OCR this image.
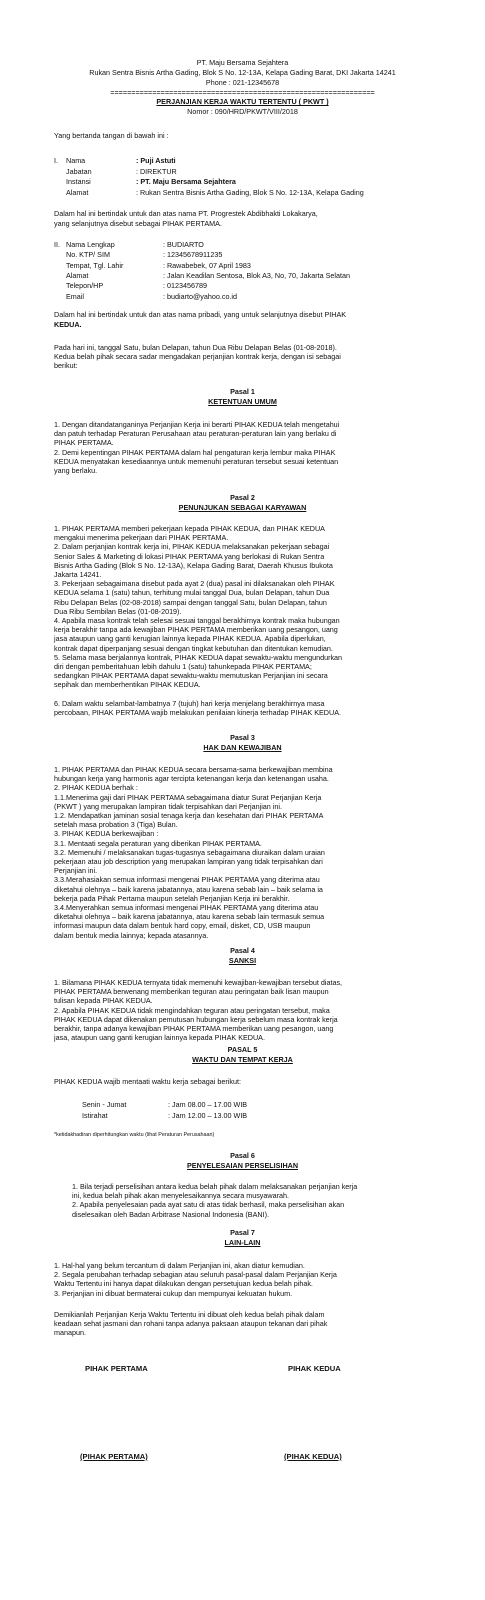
PT. Maju Bersama Sejahtera
Rukan Sentra Bisnis Artha Gading, Blok S No. 12-13A, Kelapa Gading Barat, DKI Jakarta 14241
Phone : 021-12345678
===============================================================
PERJANJIAN KERJA WAKTU TERTENTU ( PKWT )
Nomor : 090/HRD/PKWT/VIII/2018
Yang bertanda tangan di bawah ini :
I. Nama	: Puji Astuti
Jabatan	: DIREKTUR
Instansi	: PT. Maju Bersama Sejahtera
Alamat	: Rukan Sentra Bisnis Artha Gading, Blok S No. 12-13A, Kelapa Gading
Dalam hal ini bertindak untuk dan atas nama PT. Progrestek Abdibhakti Lokakarya,
yang selanjutnya disebut sebagai PIHAK PERTAMA.
II. Nama Lengkap	: BUDIARTO
No. KTP/ SIM	: 12345678911235
Tempat, Tgl. Lahir	: Rawabebek, 07 April 1983
Alamat	: Jalan Keadilan Sentosa, Blok A3, No, 70, Jakarta Selatan
Telepon/HP	: 0123456789
Email	: budiarto@yahoo.co.id
Dalam hal ini bertindak untuk dan atas nama pribadi, yang untuk selanjutnya disebut PIHAK
KEDUA.
Pada hari ini, tanggal Satu, bulan Delapan, tahun Dua Ribu Delapan Belas (01-08-2018).
Kedua belah pihak secara sadar mengadakan perjanjian kontrak kerja, dengan isi sebagai
berikut:
Pasal 1
KETENTUAN UMUM
1. Dengan ditandatanganinya Perjanjian Kerja ini berarti PIHAK KEDUA telah mengetahui
dan patuh terhadap Peraturan Perusahaan atau peraturan-peraturan lain yang berlaku di
PIHAK PERTAMA.
2. Demi kepentingan PIHAK PERTAMA dalam hal pengaturan kerja lembur maka PIHAK
KEDUA menyatakan kesediaannya untuk memenuhi peraturan tersebut sesuai ketentuan
yang berlaku.
Pasal 2
PENUNJUKAN SEBAGAI KARYAWAN
1. PIHAK PERTAMA memberi pekerjaan kepada PIHAK KEDUA, dan PIHAK KEDUA
mengakui menerima pekerjaan dari PIHAK PERTAMA.
2. Dalam perjanjian kontrak kerja ini, PIHAK KEDUA melaksanakan pekerjaan sebagai
Senior Sales & Marketing di lokasi PIHAK PERTAMA yang berlokasi di Rukan Sentra
Bisnis Artha Gading (Blok S No. 12-13A), Kelapa Gading Barat, Daerah Khusus Ibukota
Jakarta 14241.
3. Pekerjaan sebagaimana disebut pada ayat 2 (dua) pasal ini dilaksanakan oleh PIHAK
KEDUA selama 1 (satu) tahun, terhitung mulai tanggal Dua, bulan Delapan, tahun Dua
Ribu Delapan Belas (02-08-2018) sampai dengan tanggal Satu, bulan Delapan, tahun
Dua Ribu Sembilan Belas (01-08-2019).
4. Apabila masa kontrak telah selesai sesuai tanggal berakhirnya kontrak maka hubungan
kerja berakhir tanpa ada kewajiban PIHAK PERTAMA memberikan uang pesangon, uang
jasa ataupun uang ganti kerugian lainnya kepada PIHAK KEDUA. Apabila diperlukan,
kontrak dapat diperpanjang sesuai dengan tingkat kebutuhan dan ditentukan kemudian.
5. Selama masa berjalannya kontrak, PIHAK KEDUA dapat sewaktu-waktu mengundurkan
diri dengan pemberitahuan lebih dahulu 1 (satu) tahunkepada PIHAK PERTAMA;
sedangkan PIHAK PERTAMA dapat sewaktu-waktu memutuskan Perjanjian ini secara
sepihak dan memberhentikan PIHAK KEDUA.
6. Dalam waktu selambat-lambatnya 7 (tujuh) hari kerja menjelang berakhirnya masa
percobaan, PIHAK PERTAMA wajib melakukan penilaian kinerja terhadap PIHAK KEDUA.
Pasal 3
HAK DAN KEWAJIBAN
1. PIHAK PERTAMA dan PIHAK KEDUA secara bersama-sama berkewajiban membina
hubungan kerja yang harmonis agar tercipta ketenangan kerja dan ketenangan usaha.
2. PIHAK KEDUA berhak :
1.1.Menerima gaji dari PIHAK PERTAMA sebagaimana diatur Surat Perjanjian Kerja
(PKWT ) yang merupakan lampiran tidak terpisahkan dari Perjanjian ini.
1.2. Mendapatkan jaminan sosial tenaga kerja dan kesehatan dari PIHAK PERTAMA
setelah masa probation 3 (Tiga) Bulan.
3. PIHAK KEDUA berkewajiban :
3.1. Mentaati segala peraturan yang diberikan PIHAK PERTAMA.
3.2. Memenuhi / melaksanakan tugas-tugasnya sebagaimana diuraikan dalam uraian
pekerjaan atau job description yang merupakan lampiran yang tidak terpisahkan dari
Perjanjian ini.
3.3.Merahasiakan semua informasi mengenai PIHAK PERTAMA yang diterima atau
diketahui olehnya – baik karena jabatannya, atau karena sebab lain – baik selama ia
bekerja pada Pihak Pertama maupun setelah Perjanjian Kerja ini berakhir.
3.4.Menyerahkan semua informasi mengenai PIHAK PERTAMA yang diterima atau
diketahui olehnya – baik karena jabatannya, atau karena sebab lain termasuk semua
informasi maupun data dalam bentuk hard copy, email, disket, CD, USB maupun
dalam bentuk media lainnya; kepada atasannya.
Pasal 4
SANKSI
1. Bilamana PIHAK KEDUA ternyata tidak memenuhi kewajiban-kewajiban tersebut diatas,
PIHAK PERTAMA berwenang memberikan teguran atau peringatan baik lisan maupun
tulisan kepada PIHAK KEDUA.
2. Apabila PIHAK KEDUA tidak mengindahkan teguran atau peringatan tersebut, maka
PIHAK KEDUA dapat dikenakan pemutusan hubungan kerja sebelum masa kontrak kerja
berakhir, tanpa adanya kewajiban PIHAK PERTAMA memberikan uang pesangon, uang
jasa, ataupun uang ganti kerugian lainnya kepada PIHAK KEDUA.
PASAL 5
WAKTU DAN TEMPAT KERJA
PIHAK KEDUA wajib mentaati waktu kerja sebagai berikut:
Senin - Jumat	: Jam 08.00 – 17.00 WIB
Istirahat	: Jam 12.00 – 13.00 WIB
*ketidakhadiran diperhitungkan waktu (lihat Peraturan Perusahaan)
Pasal 6
PENYELESAIAN PERSELISIHAN
1. Bila terjadi perselisihan antara kedua belah pihak dalam melaksanakan perjanjian kerja
ini, kedua belah pihak akan menyelesaikannya secara musyawarah.
2. Apabila penyelesaian pada ayat satu di atas tidak berhasil, maka perselisihan akan
diselesaikan oleh Badan Arbitrase Nasional Indonesia (BANI).
Pasal 7
LAIN-LAIN
1. Hal-hal yang belum tercantum di dalam Perjanjian ini, akan diatur kemudian.
2. Segala perubahan terhadap sebagian atau seluruh pasal-pasal dalam Perjanjian Kerja
Waktu Tertentu ini hanya dapat dilakukan dengan persetujuan kedua belah pihak.
3. Perjanjian ini dibuat bermaterai cukup dan mempunyai kekuatan hukum.
Demikianlah Perjanjian Kerja Waktu Tertentu ini dibuat oleh kedua belah pihak dalam
keadaan sehat jasmani dan rohani tanpa adanya paksaan ataupun tekanan dari pihak
manapun.
PIHAK PERTAMA	PIHAK KEDUA
(PIHAK PERTAMA)	(PIHAK KEDUA)
